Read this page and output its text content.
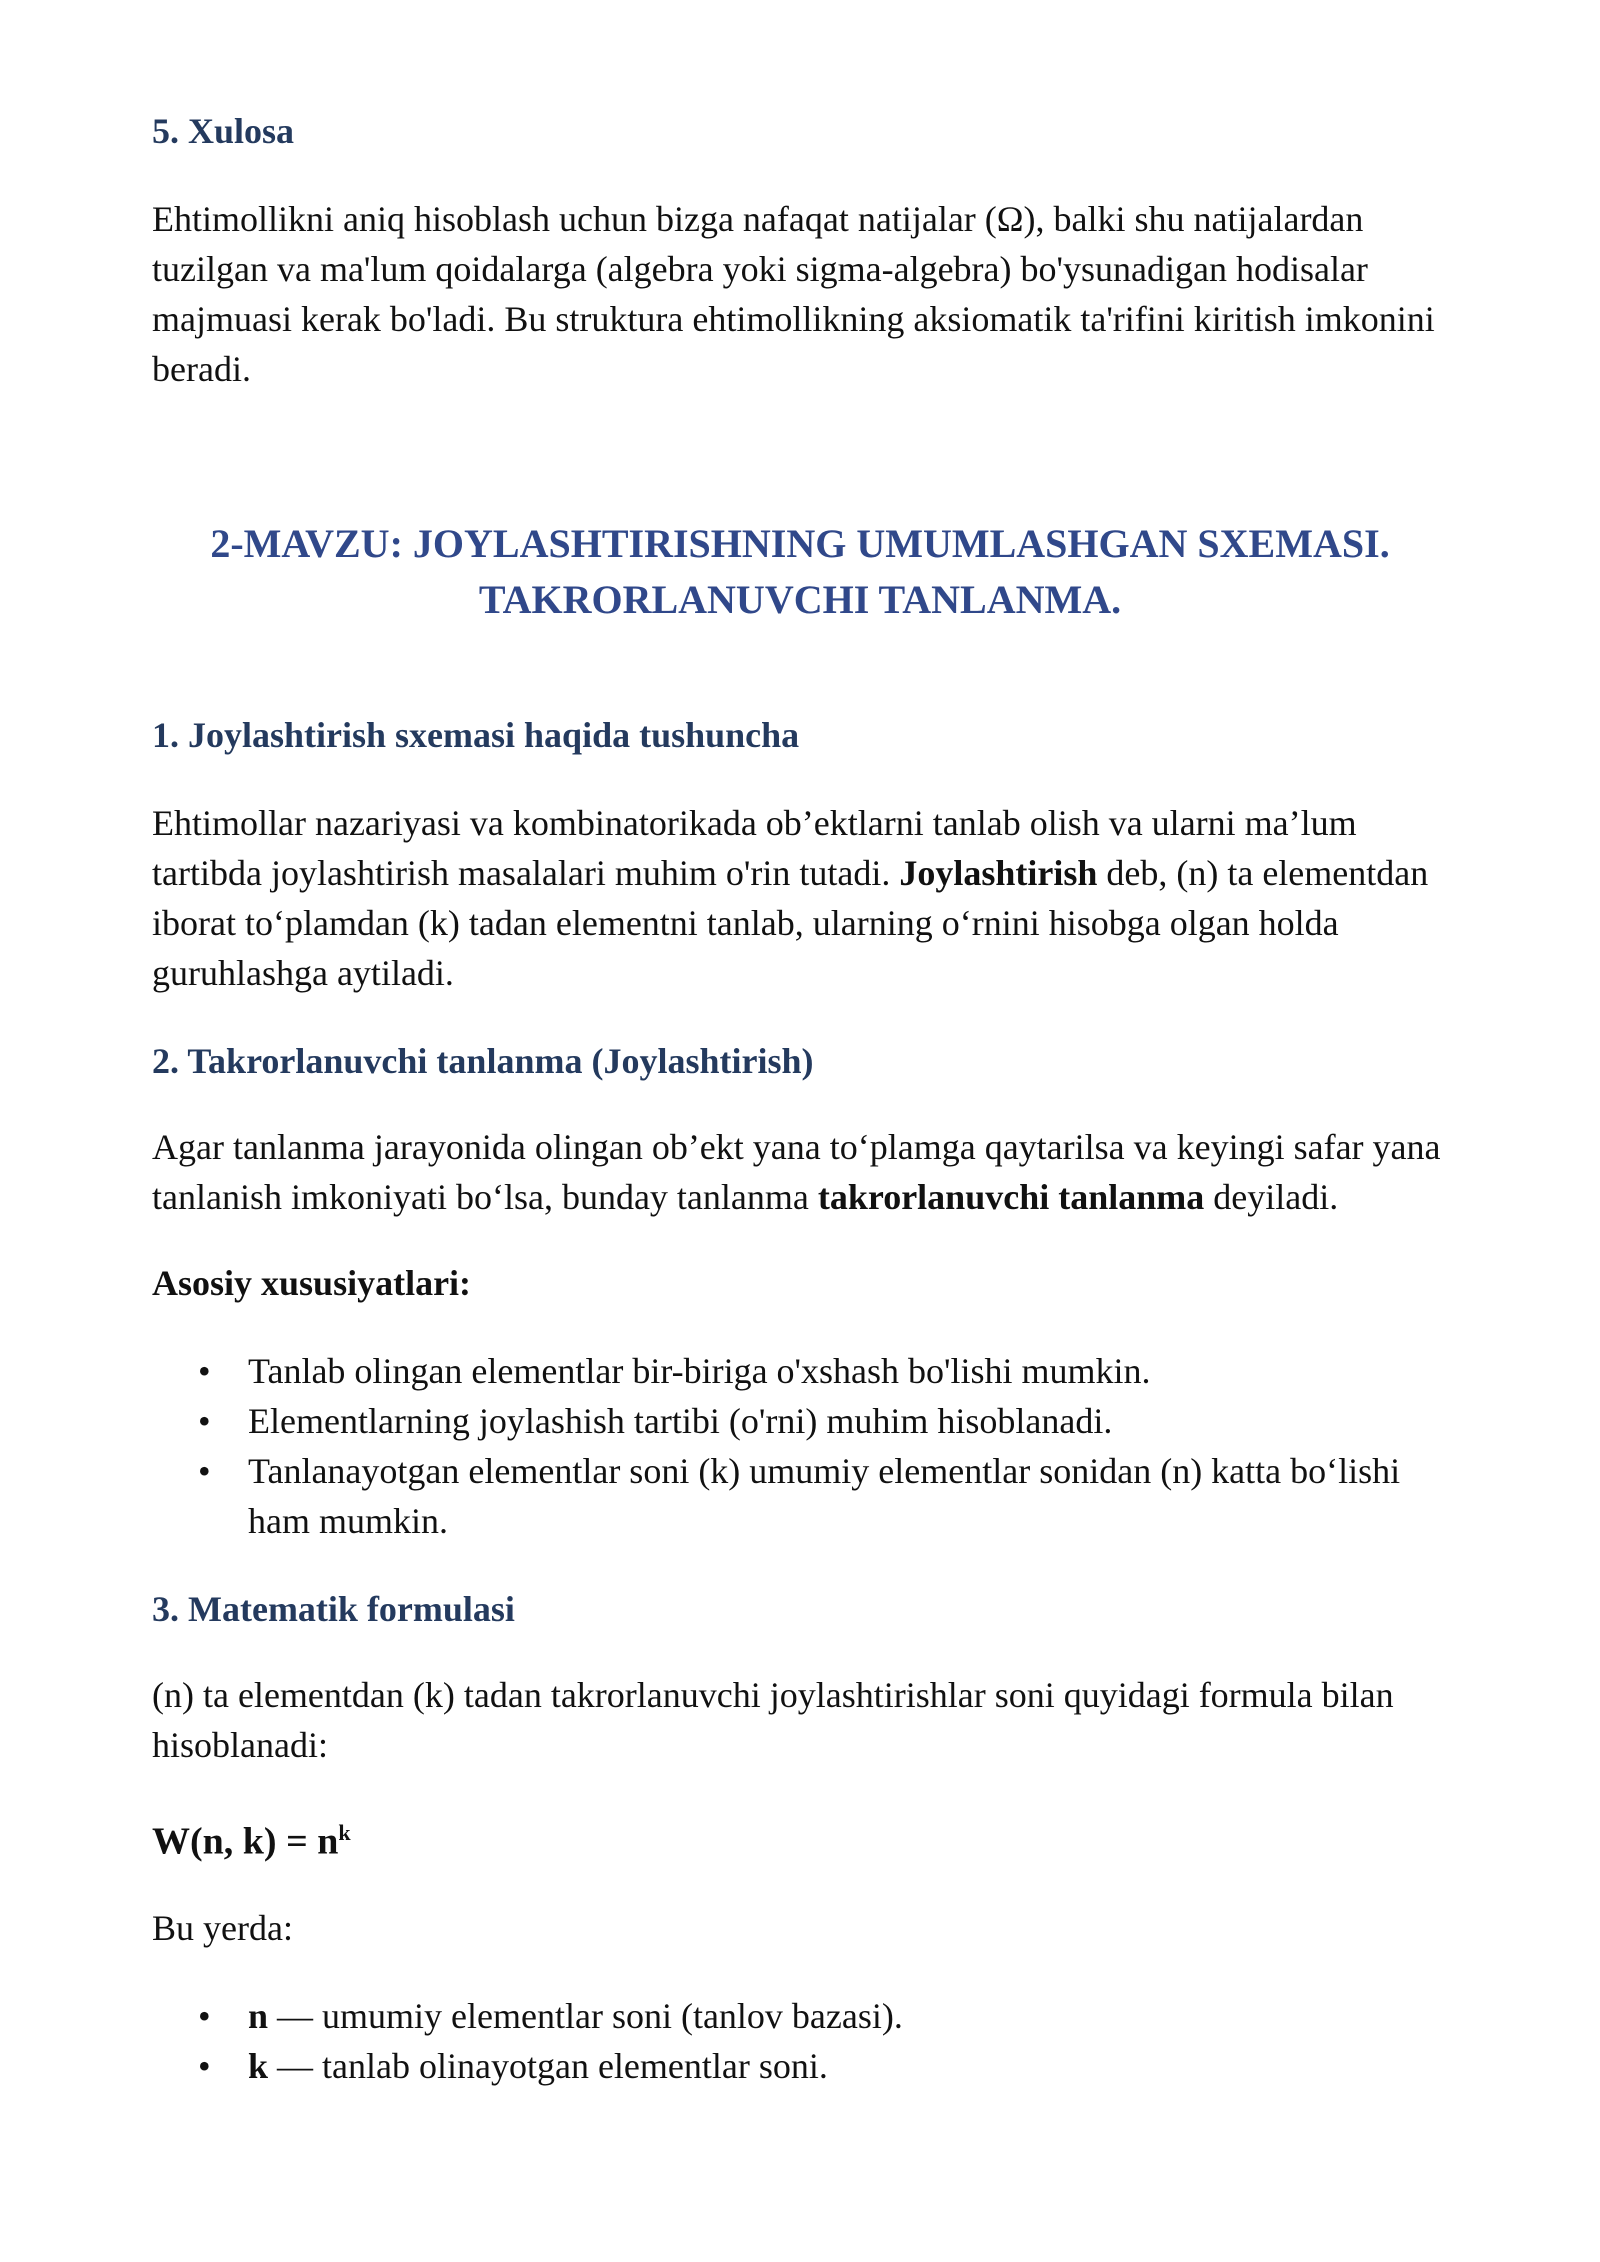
5. Xulosa

Ehtimollikni aniq hisoblash uchun bizga nafaqat natijalar (Ω), balki shu natijalardan tuzilgan va ma'lum qoidalarga (algebra yoki sigma-algebra) bo'ysunadigan hodisalar majmuasi kerak bo'ladi. Bu struktura ehtimollikning aksiomatik ta'rifini kiritish imkonini beradi.

2-MAVZU: JOYLASHTIRISHNING UMUMLASHGAN SXEMASI.
TAKRORLANUVCHI TANLANMA.
1. Joylashtirish sxemasi haqida tushuncha

Ehtimollar nazariyasi va kombinatorikada ob’ektlarni tanlab olish va ularni ma’lum tartibda joylashtirish masalalari muhim o'rin tutadi. Joylashtirish deb, (n) ta elementdan iborat to‘plamdan (k) tadan elementni tanlab, ularning o‘rnini hisobga olgan holda guruhlashga aytiladi.

2. Takrorlanuvchi tanlanma (Joylashtirish)

Agar tanlanma jarayonida olingan ob’ekt yana to‘plamga qaytarilsa va keyingi safar yana tanlanish imkoniyati bo‘lsa, bunday tanlanma takrorlanuvchi tanlanma deyiladi.

Asosiy xususiyatlari:

• Tanlab olingan elementlar bir-biriga o'xshash bo'lishi mumkin.
• Elementlarning joylashish tartibi (o'rni) muhim hisoblanadi.
• Tanlanayotgan elementlar soni (k) umumiy elementlar sonidan (n) katta bo‘lishi ham mumkin.
3. Matematik formulasi

(n) ta elementdan (k) tadan takrorlanuvchi joylashtirishlar soni quyidagi formula bilan hisoblanadi:

W(n, $k) = n^k$

Bu yerda:

• n — umumiy elementlar soni (tanlov bazasi).
• k — tanlab olinayotgan elementlar soni.
